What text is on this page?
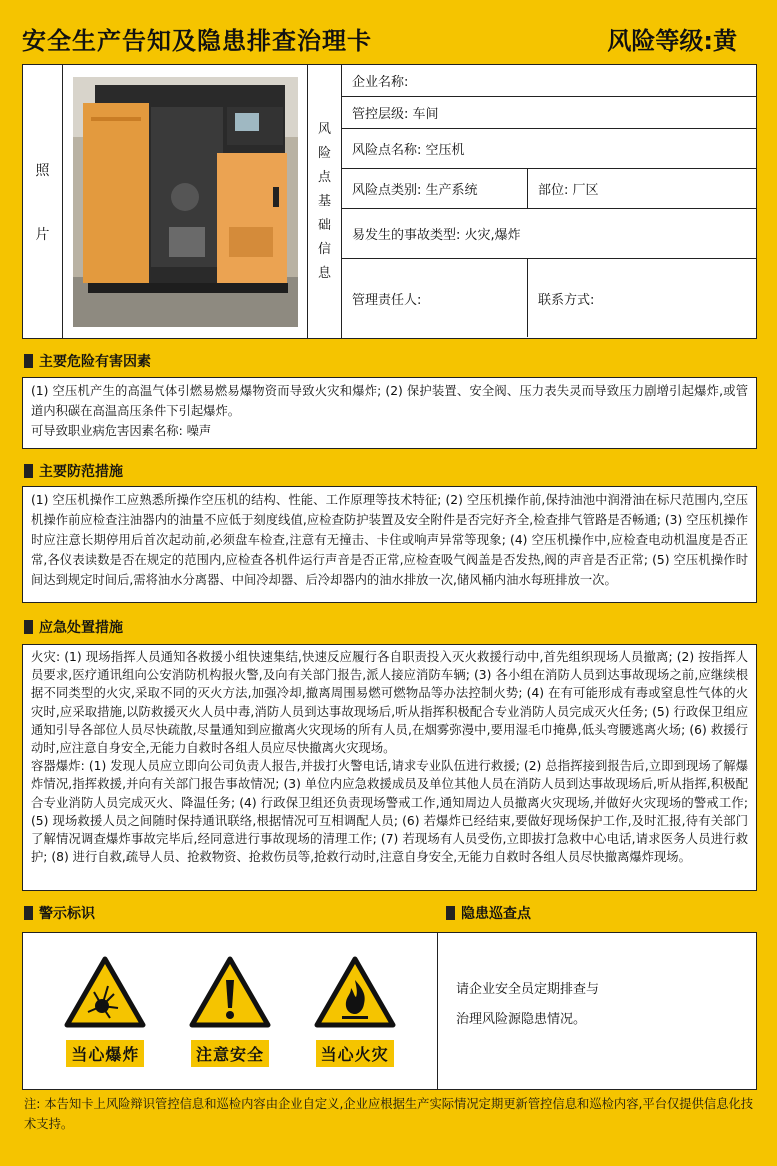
安全生产告知及隐患排查治理卡	风险等级:黄
照
片
风
险
点
基
础
信
息
企业名称:
管控层级: 车间
风险点名称: 空压机
风险点类别: 生产系统	部位: 厂区
易发生的事故类型: 火灾,爆炸
管理责任人:	联系方式:
主要危险有害因素

(1) 空压机产生的高温气体引燃易燃易爆物资而导致火灾和爆炸; (2) 保护装置、安全阀、压力表失灵而导致压力剧增引起爆炸,或管道内积碳在高温高压条件下引起爆炸。

可导致职业病危害因素名称: 噪声

主要防范措施

(1) 空压机操作工应熟悉所操作空压机的结构、性能、工作原理等技术特征; (2) 空压机操作前,保持油池中润滑油在标尺范围内,空压机操作前应检查注油器内的油量不应低于刻度线值,应检查防护装置及安全附件是否完好齐全,检查排气管路是否畅通; (3) 空压机操作时应注意长期停用后首次起动前,必须盘车检查,注意有无撞击、卡住或响声异常等现象; (4) 空压机操作中,应检查电动机温度是否正常,各仪表读数是否在规定的范围内,应检查各机件运行声音是否正常,应检查吸气阀盖是否发热,阀的声音是否正常; (5) 空压机操作时间达到规定时间后,需将油水分离器、中间冷却器、后冷却器内的油水排放一次,储风桶内油水每班排放一次。

应急处置措施

火灾: (1) 现场指挥人员通知各救援小组快速集结,快速反应履行各自职责投入灭火救援行动中,首先组织现场人员撤离; (2) 按指挥人员要求,医疗通讯组向公安消防机构报火警,及向有关部门报告,派人接应消防车辆; (3) 各小组在消防人员到达事故现场之前,应继续根据不同类型的火灾,采取不同的灭火方法,加强冷却,撤离周围易燃可燃物品等办法控制火势; (4) 在有可能形成有毒或窒息性气体的火灾时,应采取措施,以防救援灭火人员中毒,消防人员到达事故现场后,听从指挥积极配合专业消防人员完成灭火任务; (5) 行政保卫组应通知引导各部位人员尽快疏散,尽量通知到应撤离火灾现场的所有人员,在烟雾弥漫中,要用湿毛巾掩鼻,低头弯腰逃离火场; (6) 救援行动时,应注意自身安全,无能力自救时各组人员应尽快撤离火灾现场。

容器爆炸: (1) 发现人员应立即向公司负责人报告,并拔打火警电话,请求专业队伍进行救援; (2) 总指挥接到报告后,立即到现场了解爆炸情况,指挥救援,并向有关部门报告事故情况; (3) 单位内应急救援成员及单位其他人员在消防人员到达事故现场后,听从指挥,积极配合专业消防人员完成灭火、降温任务; (4) 行政保卫组还负责现场警戒工作,通知周边人员撤离火灾现场,并做好火灾现场的警戒工作; (5) 现场救援人员之间随时保持通讯联络,根据情况可互相调配人员; (6) 若爆炸已经结束,要做好现场保护工作,及时汇报,待有关部门了解情况调查爆炸事故完毕后,经同意进行事故现场的清理工作; (7) 若现场有人员受伤,立即拔打急救中心电话,请求医务人员进行救护; (8) 进行自救,疏导人员、抢救物资、抢救伤员等,抢救行动时,注意自身安全,无能力自救时各组人员尽快撤离爆炸现场。

警示标识	隐患巡查点
当心爆炸	注意安全	当心火灾
请企业安全员定期排查与
治理风险源隐患情况。
注: 本告知卡上风险辩识管控信息和巡检内容由企业自定义,企业应根据生产实际情况定期更新管控信息和巡检内容,平台仅提供信息化技术支持。
